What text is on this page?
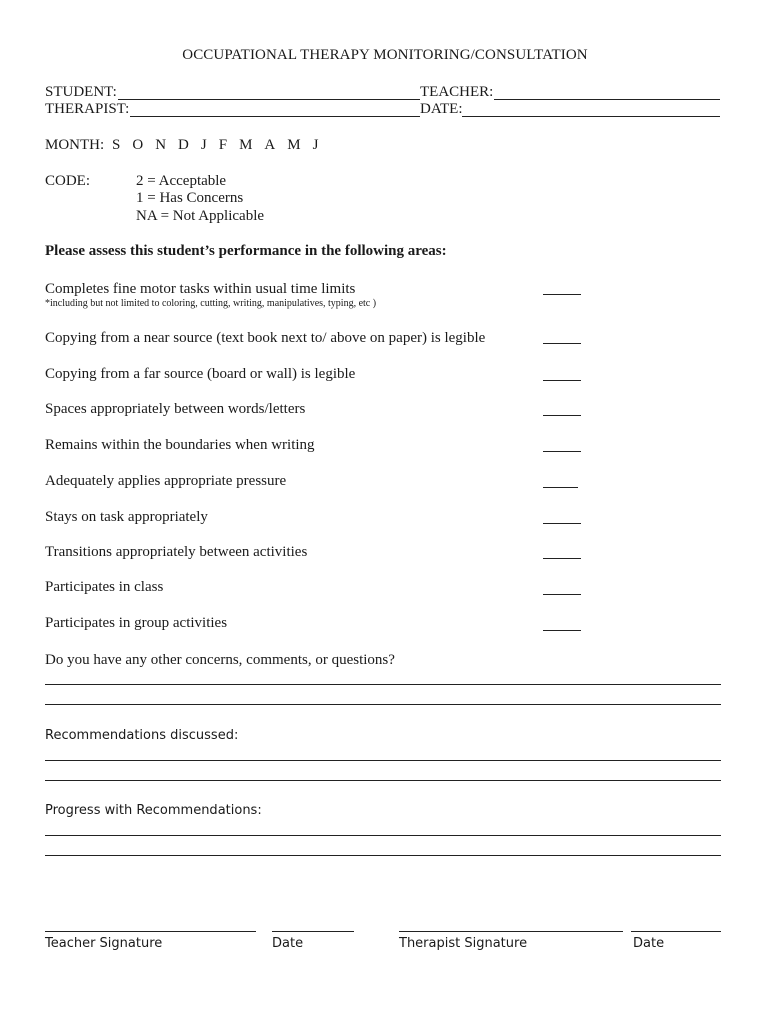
OCCUPATIONAL THERAPY MONITORING/CONSULTATION
STUDENT:	TEACHER:
THERAPIST:	DATE:
MONTH: S O N D J F M A M J
CODE:	2 = Acceptable
1 = Has Concerns
NA = Not Applicable
Please assess this student’s performance in the following areas:
Completes fine motor tasks within usual time limits
*including but not limited to coloring, cutting, writing, manipulatives, typing, etc )
Copying from a near source (text book next to/ above on paper) is legible
Copying from a far source (board or wall) is legible
Spaces appropriately between words/letters
Remains within the boundaries when writing
Adequately applies appropriate pressure
Stays on task appropriately
Transitions appropriately between activities
Participates in class
Participates in group activities
Do you have any other concerns, comments, or questions?
Recommendations discussed:
Progress with Recommendations:
Teacher Signature	Date	Therapist Signature	Date
